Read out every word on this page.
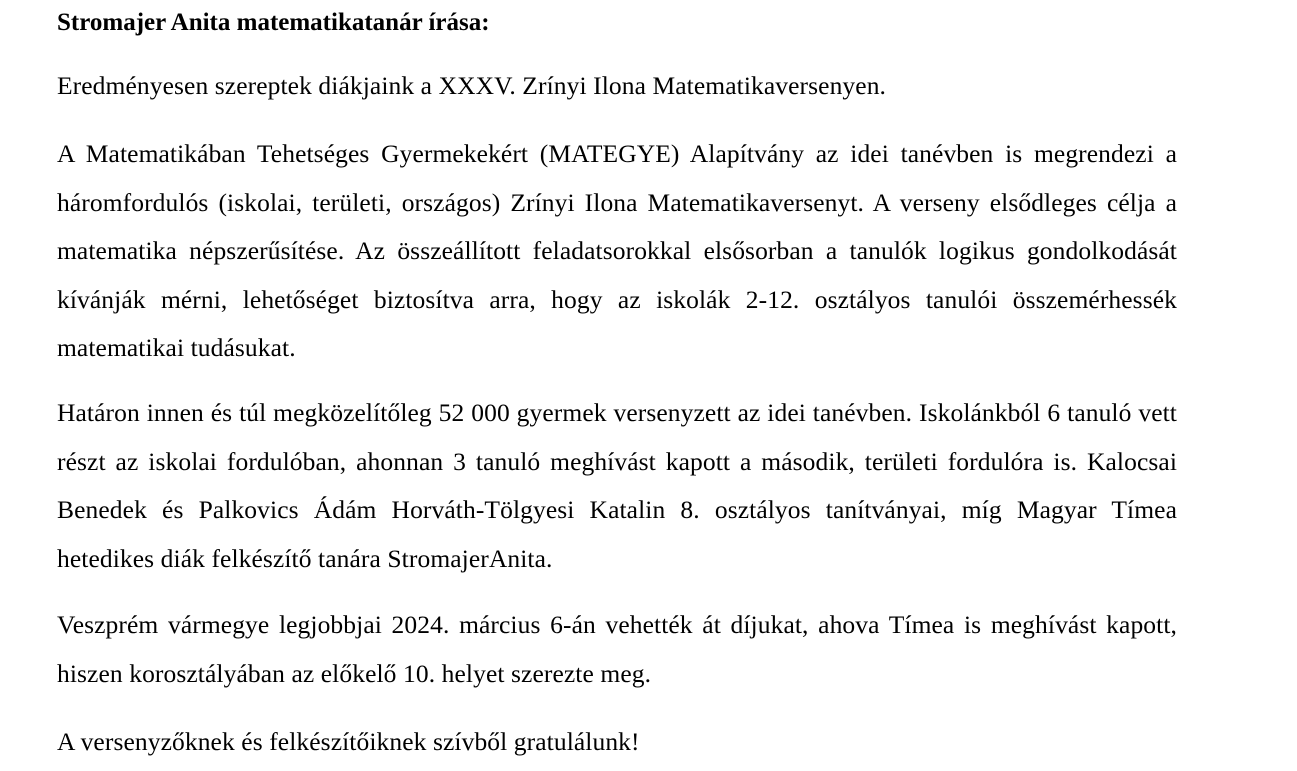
Stromajer Anita matematikatanár írása:

Eredményesen szereptek diákjaink a XXXV. Zrínyi Ilona Matematikaversenyen.

A Matematikában Tehetséges Gyermekekért (MATEGYE) Alapítvány az idei tanévben is megrendezi a háromfordulós (iskolai, területi, országos) Zrínyi Ilona Matematikaversenyt. A verseny elsődleges célja a matematika népszerűsítése. Az összeállított feladatsorokkal elsősorban a tanulók logikus gondolkodását kívánják mérni, lehetőséget biztosítva arra, hogy az iskolák 2-12. osztályos tanulói összemérhessék matematikai tudásukat.

Határon innen és túl megközelítőleg 52 000 gyermek versenyzett az idei tanévben. Iskolánkból 6 tanuló vett részt az iskolai fordulóban, ahonnan 3 tanuló meghívást kapott a második, területi fordulóra is. Kalocsai Benedek és Palkovics Ádám Horváth-Tölgyesi Katalin 8. osztályos tanítványai, míg Magyar Tímea hetedikes diák felkészítő tanára StromajerAnita.

Veszprém vármegye legjobbjai 2024. március 6-án vehették át díjukat, ahova Tímea is meghívást kapott, hiszen korosztályában az előkelő 10. helyet szerezte meg.

A versenyzőknek és felkészítőiknek szívből gratulálunk!
